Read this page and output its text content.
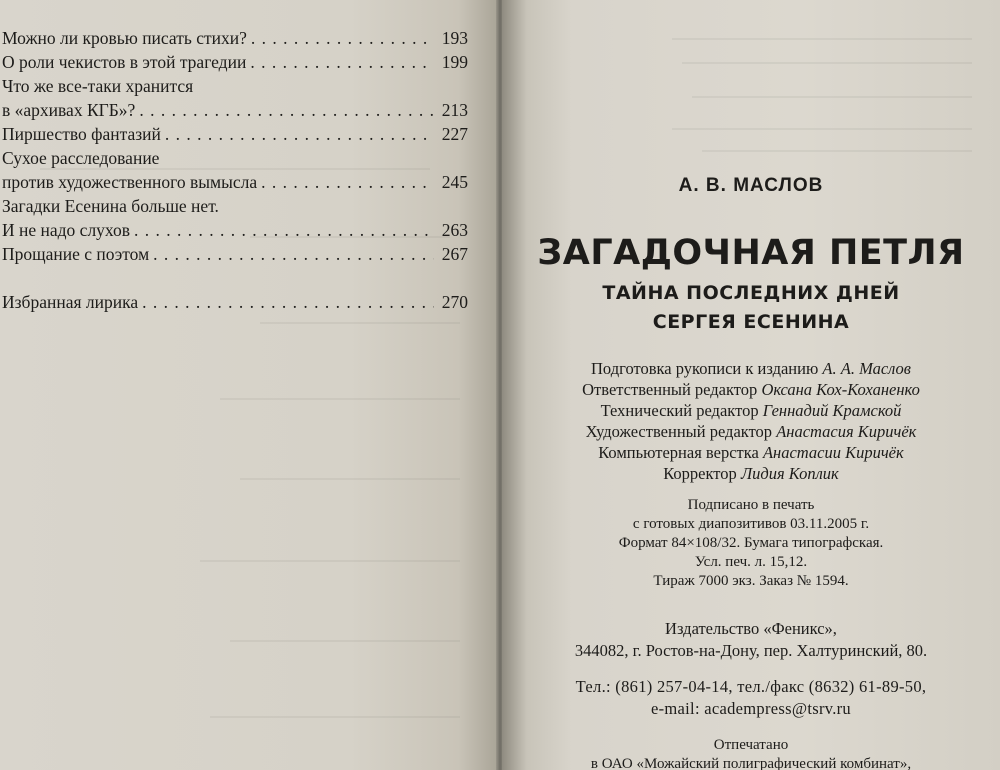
Можно ли кровью писать стихи? . . .	193
О роли чекистов в этой трагедии . . .	199
Что же все-таки хранится
в «архивах КГБ»? . . .	213
Пиршество фантазий . . .	227
Сухое расследование
против художественного вымысла . . .	245
Загадки Есенина больше нет.
И не надо слухов . . .	263
Прощание с поэтом . . .	267
Избранная лирика . . .	270
А. В. МАСЛОВ
ЗАГАДОЧНАЯ ПЕТЛЯ
ТАЙНА ПОСЛЕДНИХ ДНЕЙ
СЕРГЕЯ ЕСЕНИНА
Подготовка рукописи к изданию А. А. Маслов
Ответственный редактор Оксана Кох-Коханенко
Технический редактор Геннадий Крамской
Художественный редактор Анастасия Киричёк
Компьютерная верстка Анастасии Киричёк
Корректор Лидия Коплик
Подписано в печать
с готовых диапозитивов 03.11.2005 г.
Формат 84×108/32. Бумага типографская.
Усл. печ. л. 15,12.
Тираж 7000 экз. Заказ № 1594.
Издательство «Феникс»,
344082, г. Ростов-на-Дону, пер. Халтуринский, 80.
Тел.: (861) 257-04-14, тел./факс (8632) 61-89-50,
e-mail: academpress@tsrv.ru
Отпечатано
в ОАО «Можайский полиграфический комбинат»,
